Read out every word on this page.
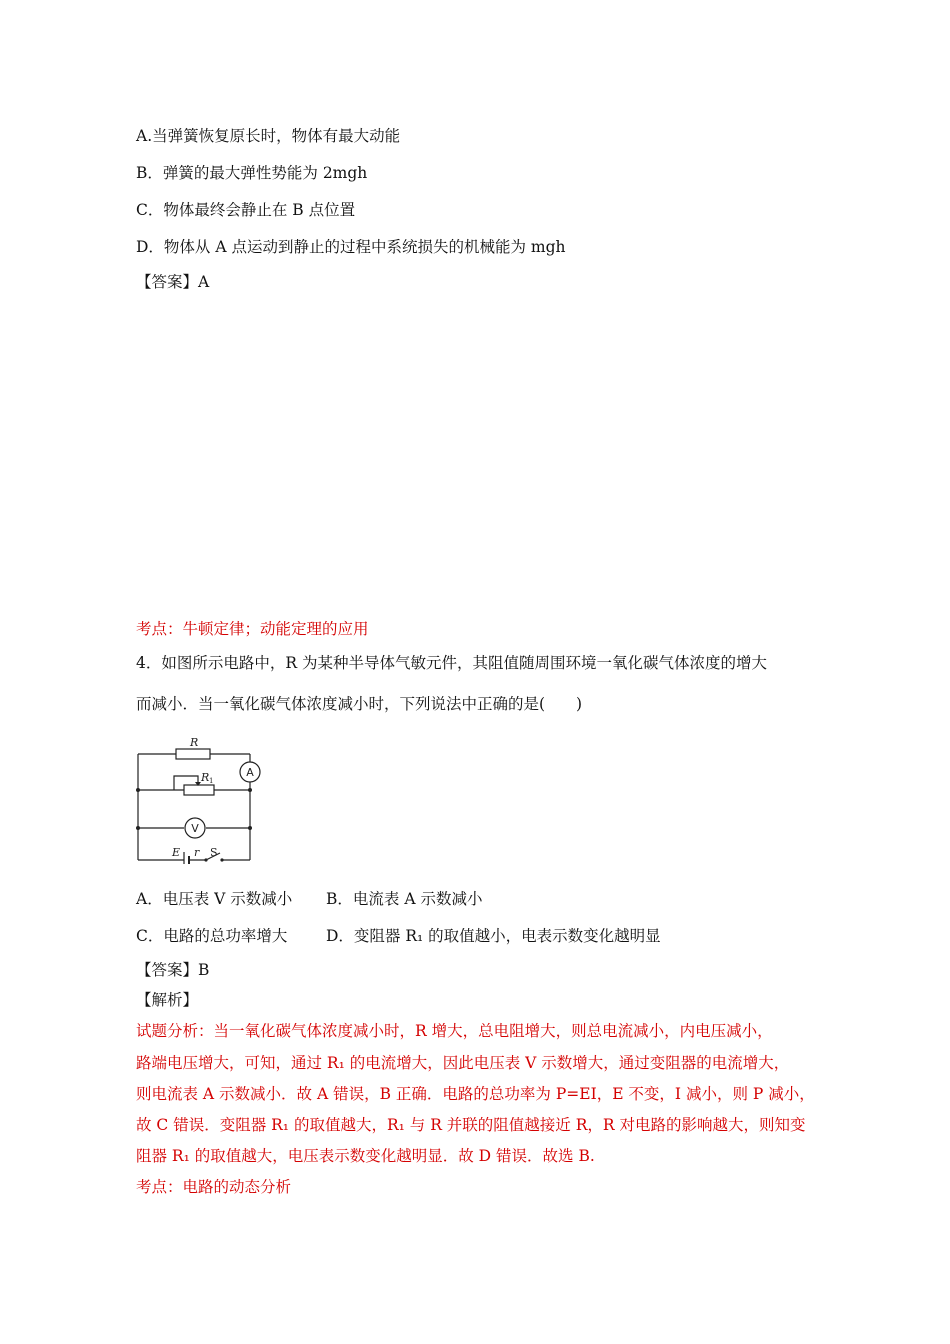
A.当弹簧恢复原长时，物体有最大动能
B．弹簧的最大弹性势能为 2mgh
C．物体最终会静止在 B 点位置
D．物体从 A 点运动到静止的过程中系统损失的机械能为 mgh
【答案】A
考点：牛顿定律；动能定理的应用
4．如图所示电路中，R 为某种半导体气敏元件，其阻值随周围环境一氧化碳气体浓度的增大
而减小．当一氧化碳气体浓度减小时，下列说法中正确的是(　　)
R
R 1
E r S
A
V
A．电压表 V 示数减小 B．电流表 A 示数减小
C．电路的总功率增大 D．变阻器 R₁ 的取值越小，电表示数变化越明显
【答案】B
【解析】
试题分析：当一氧化碳气体浓度减小时，R 增大，总电阻增大，则总电流减小，内电压减小，
路端电压增大，可知，通过 R₁ 的电流增大，因此电压表 V 示数增大，通过变阻器的电流增大，
则电流表 A 示数减小．故 A 错误，B 正确．电路的总功率为 P=EI，E 不变，I 减小，则 P 减小，
故 C 错误．变阻器 R₁ 的取值越大，R₁ 与 R 并联的阻值越接近 R，R 对电路的影响越大，则知变
阻器 R₁ 的取值越大，电压表示数变化越明显．故 D 错误．故选 B.
考点：电路的动态分析
